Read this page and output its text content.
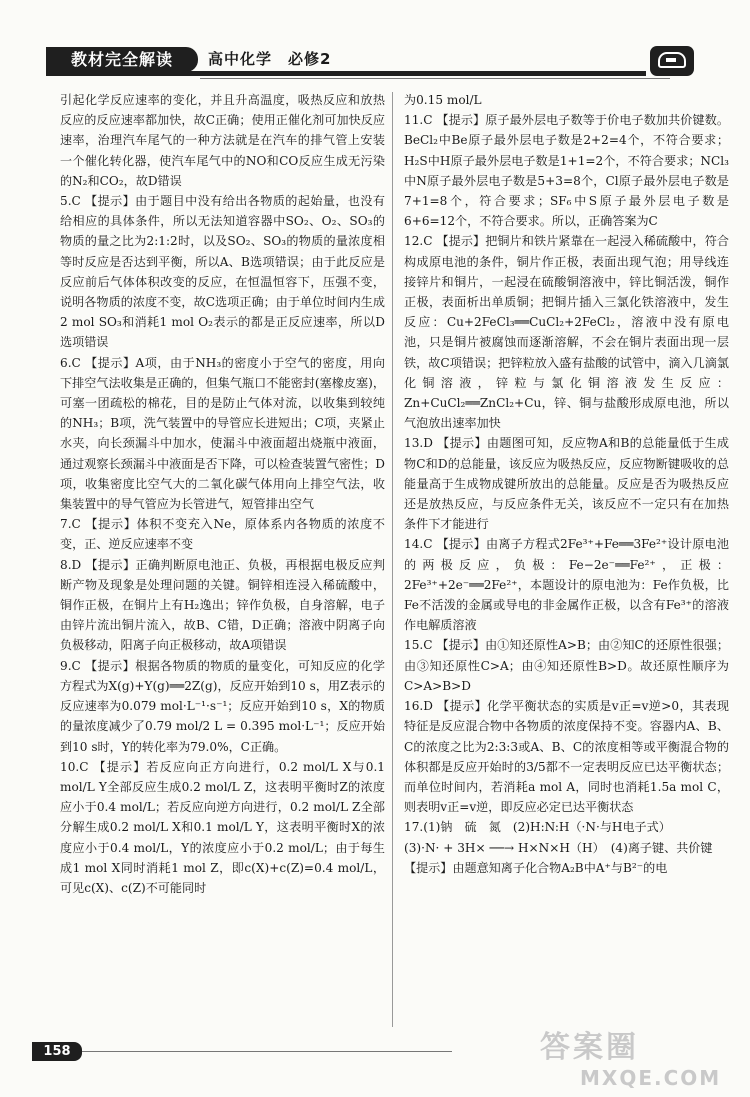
教材完全解读	高中化学　必修2

引起化学反应速率的变化，并且升高温度，吸热反应和放热反应的反应速率都加快，故C正确；使用正催化剂可加快反应速率，治理汽车尾气的一种方法就是在汽车的排气管上安装一个催化转化器，使汽车尾气中的NO和CO反应生成无污染的N₂和CO₂，故D错误

5.C 【提示】由于题目中没有给出各物质的起始量，也没有给相应的具体条件，所以无法知道容器中SO₂、O₂、SO₃的物质的量之比为2:1:2时，以及SO₂、SO₃的物质的量浓度相等时反应是否达到平衡，所以A、B选项错误；由于此反应是反应前后气体体积改变的反应，在恒温恒容下，压强不变，说明各物质的浓度不变，故C选项正确；由于单位时间内生成2 mol SO₃和消耗1 mol O₂表示的都是正反应速率，所以D选项错误

6.C 【提示】A项，由于NH₃的密度小于空气的密度，用向下排空气法收集是正确的，但集气瓶口不能密封(塞橡皮塞)，可塞一团疏松的棉花，目的是防止气体对流，以收集到较纯的NH₃；B项，洗气装置中的导管应长进短出；C项，夹紧止水夹，向长颈漏斗中加水，使漏斗中液面超出烧瓶中液面，通过观察长颈漏斗中液面是否下降，可以检查装置气密性；D项，收集密度比空气大的二氧化碳气体用向上排空气法，收集装置中的导气管应为长管进气，短管排出空气

7.C 【提示】体积不变充入Ne，原体系内各物质的浓度不变，正、逆反应速率不变

8.D 【提示】正确判断原电池正、负极，再根据电极反应判断产物及现象是处理问题的关键。铜锌相连浸入稀硫酸中，铜作正极，在铜片上有H₂逸出；锌作负极，自身溶解，电子由锌片流出铜片流入，故B、C错，D正确；溶液中阴离子向负极移动，阳离子向正极移动，故A项错误

9.C 【提示】根据各物质的物质的量变化，可知反应的化学方程式为X(g)+Y(g)══2Z(g)，反应开始到10 s，用Z表示的反应速率为0.079 mol·L⁻¹·s⁻¹；反应开始到10 s，X的物质的量浓度减少了0.79 mol/2 L = 0.395 mol·L⁻¹；反应开始到10 s时，Y的转化率为79.0%，C正确。

10.C 【提示】若反应向正方向进行，0.2 mol/L X与0.1 mol/L Y全部反应生成0.2 mol/L Z，这表明平衡时Z的浓度应小于0.4 mol/L；若反应向逆方向进行，0.2 mol/L Z全部分解生成0.2 mol/L X和0.1 mol/L Y，这表明平衡时X的浓度应小于0.4 mol/L，Y的浓度应小于0.2 mol/L；由于每生成1 mol X同时消耗1 mol Z，即c(X)+c(Z)=0.4 mol/L，可见c(X)、c(Z)不可能同时

为0.15 mol/L

11.C 【提示】原子最外层电子数等于价电子数加共价键数。BeCl₂中Be原子最外层电子数是2+2=4个，不符合要求；H₂S中H原子最外层电子数是1+1=2个，不符合要求；NCl₃中N原子最外层电子数是5+3=8个，Cl原子最外层电子数是7+1=8个，符合要求；SF₆中S原子最外层电子数是6+6=12个，不符合要求。所以，正确答案为C

12.C 【提示】把铜片和铁片紧靠在一起浸入稀硫酸中，符合构成原电池的条件，铜片作正极，表面出现气泡；用导线连接锌片和铜片，一起浸在硫酸铜溶液中，锌比铜活泼，铜作正极，表面析出单质铜；把铜片插入三氯化铁溶液中，发生反应：Cu+2FeCl₃══CuCl₂+2FeCl₂，溶液中没有原电池，只是铜片被腐蚀而逐渐溶解，不会在铜片表面出现一层铁，故C项错误；把锌粒放入盛有盐酸的试管中，滴入几滴氯化铜溶液，锌粒与氯化铜溶液发生反应：Zn+CuCl₂══ZnCl₂+Cu，锌、铜与盐酸形成原电池，所以气泡放出速率加快

13.D 【提示】由题图可知，反应物A和B的总能量低于生成物C和D的总能量，该反应为吸热反应，反应物断键吸收的总能量高于生成物成键所放出的总能量。反应是否为吸热反应还是放热反应，与反应条件无关，该反应不一定只有在加热条件下才能进行

14.C 【提示】由离子方程式2Fe³⁺+Fe══3Fe²⁺设计原电池的两极反应，负极：Fe−2e⁻══Fe²⁺，正极：2Fe³⁺+2e⁻══2Fe²⁺，本题设计的原电池为：Fe作负极，比Fe不活泼的金属或导电的非金属作正极，以含有Fe³⁺的溶液作电解质溶液

15.C 【提示】由①知还原性A>B；由②知C的还原性很强；由③知还原性C>A；由④知还原性B>D。故还原性顺序为C>A>B>D

16.D 【提示】化学平衡状态的实质是v正=v逆>0，其表现特征是反应混合物中各物质的浓度保持不变。容器内A、B、C的浓度之比为2:3:3或A、B、C的浓度相等或平衡混合物的体积都是反应开始时的3/5都不一定表明反应已达平衡状态；而单位时间内，若消耗a mol A，同时也消耗1.5a mol C，则表明v正=v逆，即反应必定已达平衡状态

17.(1)钠　硫　氮　(2)H:N:H（·N·与H电子式）

(3)·N· + 3H× ──→ H×N×H（H）　(4)离子键、共价键

【提示】由题意知离子化合物A₂B中A⁺与B²⁻的电

158	答案圈
MXQE.COM
